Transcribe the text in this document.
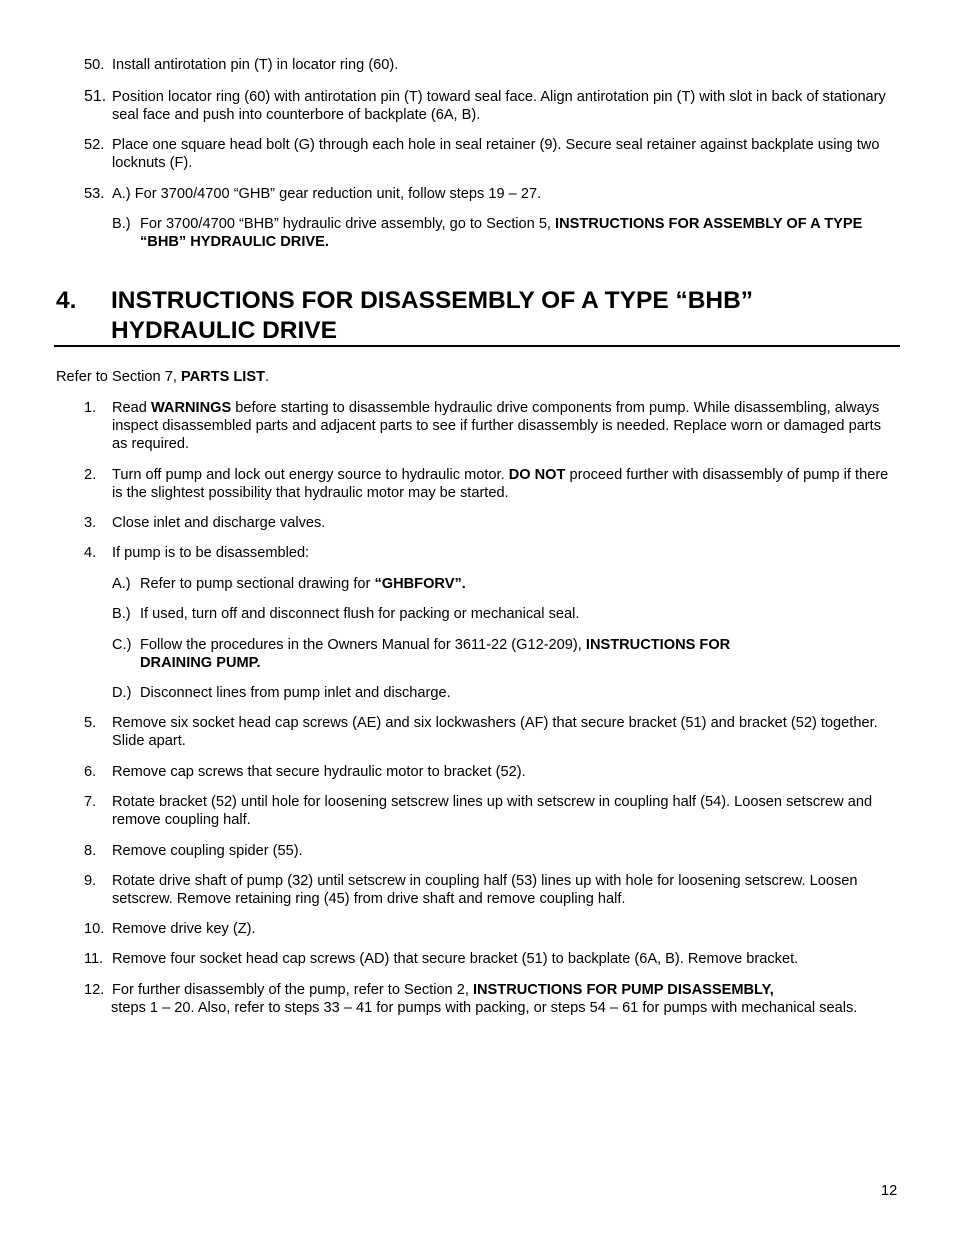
50. Install antirotation pin (T) in locator ring (60).
51. Position locator ring (60) with antirotation pin (T) toward seal face. Align antirotation pin (T) with slot in back of stationary seal face and push into counterbore of backplate (6A, B).
52. Place one square head bolt (G) through each hole in seal retainer (9). Secure seal retainer against backplate using two locknuts (F).
53. A.) For 3700/4700 “GHB” gear reduction unit, follow steps 19 – 27.
B.) For 3700/4700 “BHB” hydraulic drive assembly, go to Section 5, INSTRUCTIONS FOR ASSEMBLY OF A TYPE “BHB” HYDRAULIC DRIVE.
4. INSTRUCTIONS FOR DISASSEMBLY OF A TYPE “BHB” HYDRAULIC DRIVE
Refer to Section 7, PARTS LIST.
1. Read WARNINGS before starting to disassemble hydraulic drive components from pump. While disassembling, always inspect disassembled parts and adjacent parts to see if further disassembly is needed. Replace worn or damaged parts as required.
2. Turn off pump and lock out energy source to hydraulic motor. DO NOT proceed further with disassembly of pump if there is the slightest possibility that hydraulic motor may be started.
3. Close inlet and discharge valves.
4. If pump is to be disassembled:
A.) Refer to pump sectional drawing for “GHBFORV”.
B.) If used, turn off and disconnect flush for packing or mechanical seal.
C.) Follow the procedures in the Owners Manual for 3611-22 (G12-209), INSTRUCTIONS FOR DRAINING PUMP.
D.) Disconnect lines from pump inlet and discharge.
5. Remove six socket head cap screws (AE) and six lockwashers (AF) that secure bracket (51) and bracket (52) together. Slide apart.
6. Remove cap screws that secure hydraulic motor to bracket (52).
7. Rotate bracket (52) until hole for loosening setscrew lines up with setscrew in coupling half (54). Loosen setscrew and remove coupling half.
8. Remove coupling spider (55).
9. Rotate drive shaft of pump (32) until setscrew in coupling half (53) lines up with hole for loosening setscrew. Loosen setscrew. Remove retaining ring (45) from drive shaft and remove coupling half.
10. Remove drive key (Z).
11. Remove four socket head cap screws (AD) that secure bracket (51) to backplate (6A, B). Remove bracket.
12. For further disassembly of the pump, refer to Section 2, INSTRUCTIONS FOR PUMP DISASSEMBLY,
steps 1 – 20. Also, refer to steps 33 – 41 for pumps with packing, or steps 54 – 61 for pumps with mechanical seals.
12
